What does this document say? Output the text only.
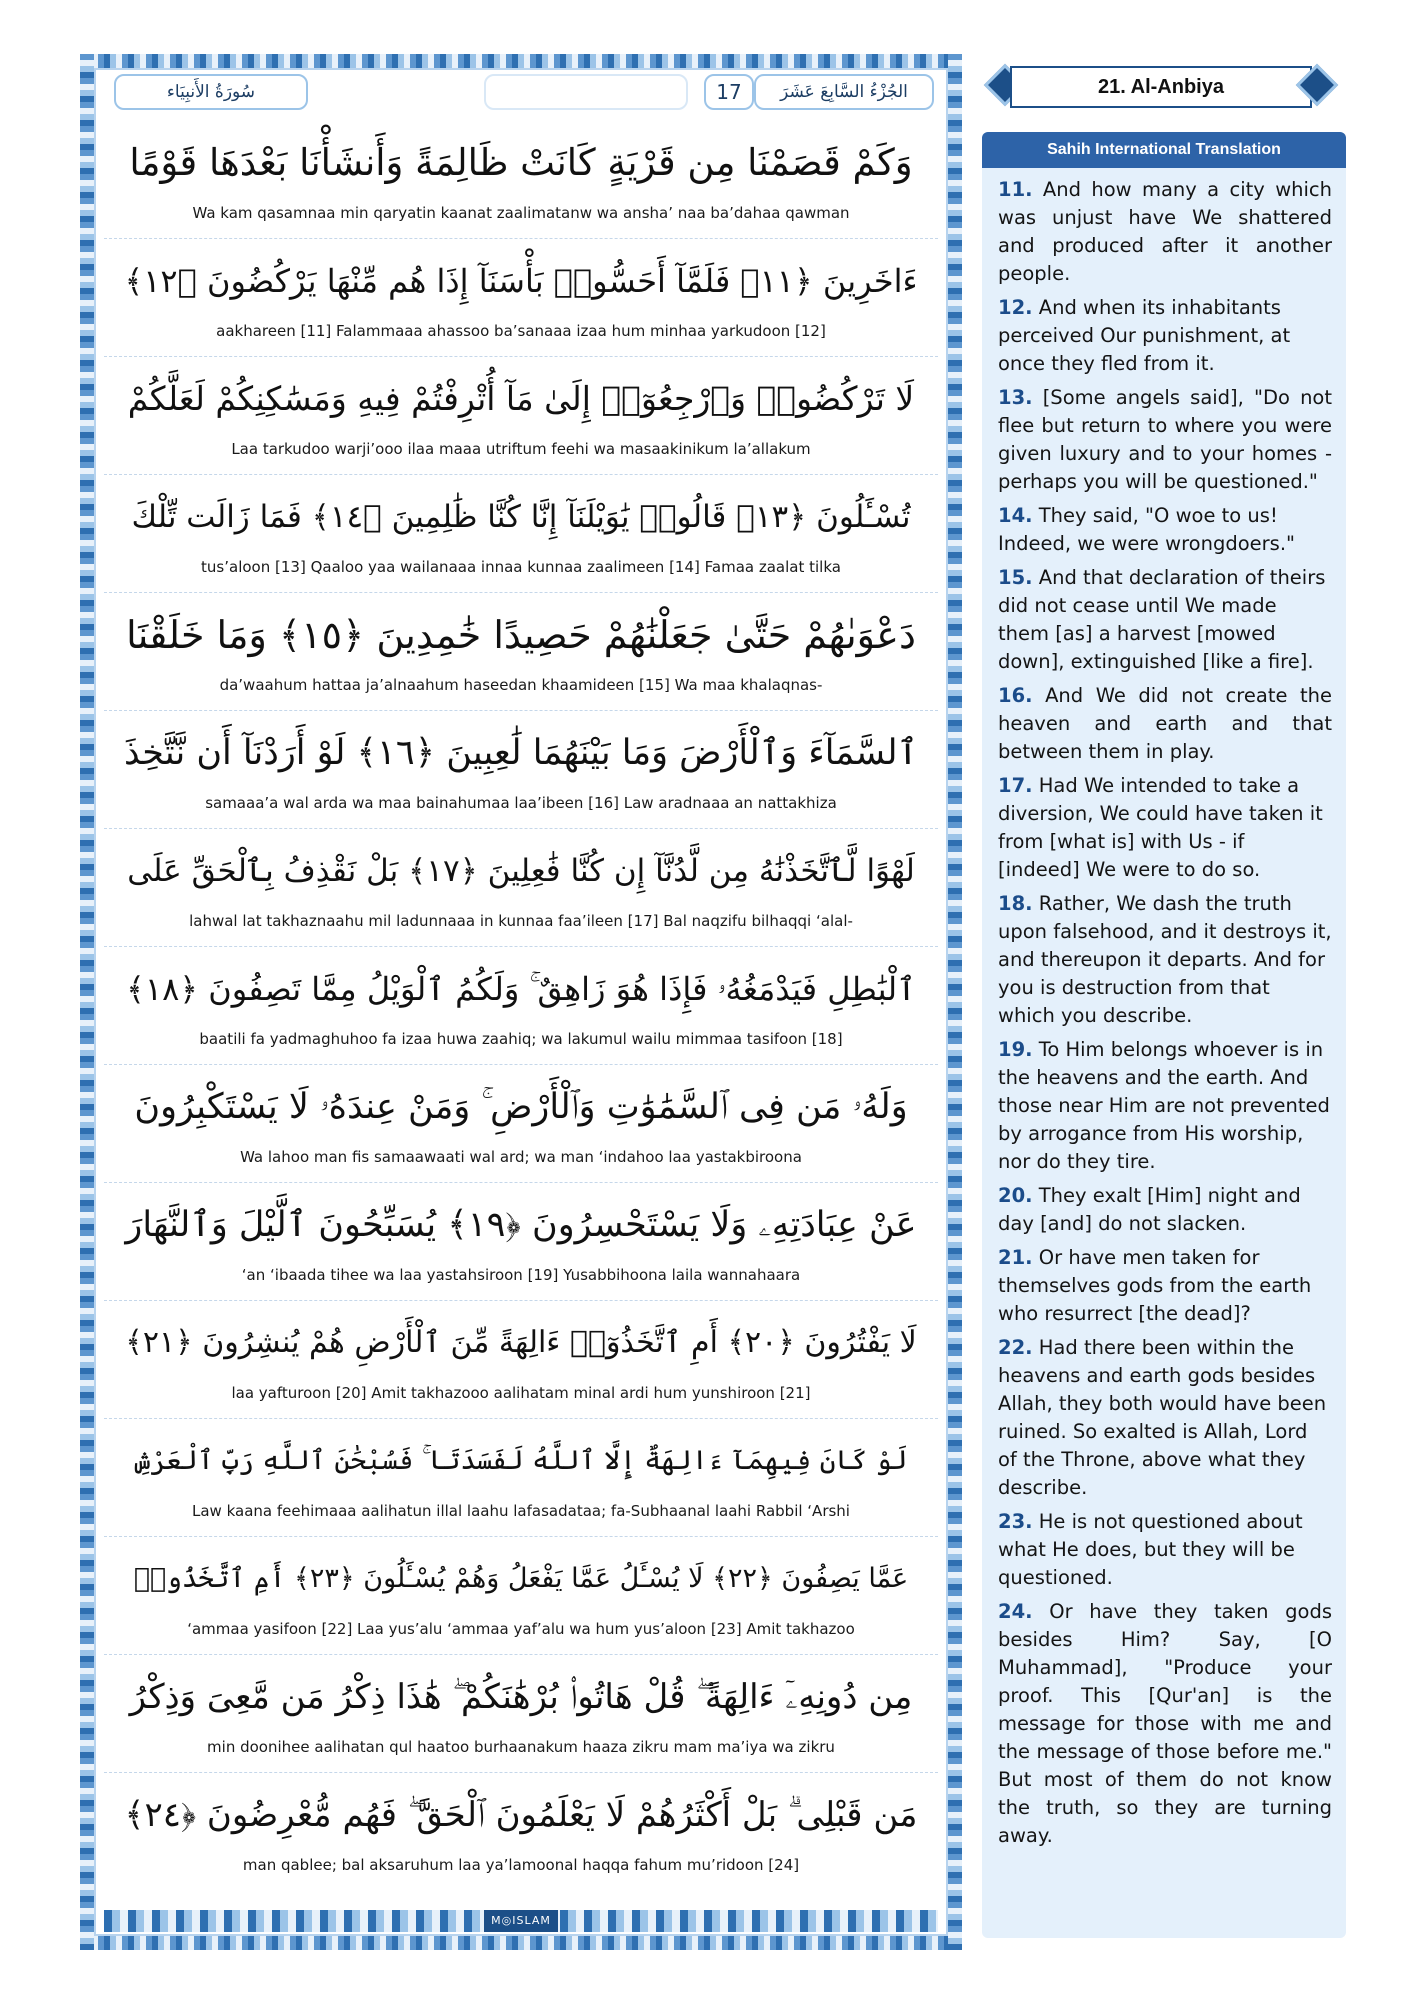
سُورَةُ الأَنبِيَاء	17	الجُزْءُ السَّابِعَ عَشَرَ
وَكَمْ قَصَمْنَا مِن قَرْيَةٍ كَانَتْ ظَالِمَةً وَأَنشَأْنَا بَعْدَهَا قَوْمًا
Wa kam qasamnaa min qaryatin kaanat zaalimatanw wa ansha’ naa ba’dahaa qawman
ءَاخَرِينَ ﴿١١﴾ فَلَمَّآ أَحَسُّوا۟ بَأْسَنَآ إِذَا هُم مِّنْهَا يَرْكُضُونَ ﴿١٢﴾
aakhareen [11] Falammaaa ahassoo ba’sanaaa izaa hum minhaa yarkudoon [12]
لَا تَرْكُضُوا۟ وَٱرْجِعُوٓا۟ إِلَىٰ مَآ أُتْرِفْتُمْ فِيهِ وَمَسَٰكِنِكُمْ لَعَلَّكُمْ
Laa tarkudoo warji’ooo ilaa maaa utriftum feehi wa masaakinikum la’allakum
تُسْـَٔلُونَ ﴿١٣﴾ قَالُوا۟ يَٰوَيْلَنَآ إِنَّا كُنَّا ظَٰلِمِينَ ﴿١٤﴾ فَمَا زَالَت تِّلْكَ
tus’aloon [13] Qaaloo yaa wailanaaa innaa kunnaa zaalimeen [14] Famaa zaalat tilka
دَعْوَىٰهُمْ حَتَّىٰ جَعَلْنَٰهُمْ حَصِيدًا خَٰمِدِينَ ﴿١٥﴾ وَمَا خَلَقْنَا
da’waahum hattaa ja’alnaahum haseedan khaamideen [15] Wa maa khalaqnas-
ٱلسَّمَآءَ وَٱلْأَرْضَ وَمَا بَيْنَهُمَا لَٰعِبِينَ ﴿١٦﴾ لَوْ أَرَدْنَآ أَن نَّتَّخِذَ
samaaa’a wal arda wa maa bainahumaa laa’ibeen [16] Law aradnaaa an nattakhiza
لَهْوًا لَّٱتَّخَذْنَٰهُ مِن لَّدُنَّآ إِن كُنَّا فَٰعِلِينَ ﴿١٧﴾ بَلْ نَقْذِفُ بِٱلْحَقِّ عَلَى
lahwal lat takhaznaahu mil ladunnaaa in kunnaa faa’ileen [17] Bal naqzifu bilhaqqi ‘alal-
ٱلْبَٰطِلِ فَيَدْمَغُهُۥ فَإِذَا هُوَ زَاهِقٌ ۚ وَلَكُمُ ٱلْوَيْلُ مِمَّا تَصِفُونَ ﴿١٨﴾
baatili fa yadmaghuhoo fa izaa huwa zaahiq; wa lakumul wailu mimmaa tasifoon [18]
وَلَهُۥ مَن فِى ٱلسَّمَٰوَٰتِ وَٱلْأَرْضِ ۚ وَمَنْ عِندَهُۥ لَا يَسْتَكْبِرُونَ
Wa lahoo man fis samaawaati wal ard; wa man ‘indahoo laa yastakbiroona
عَنْ عِبَادَتِهِۦ وَلَا يَسْتَحْسِرُونَ ﴿١٩﴾ يُسَبِّحُونَ ٱلَّيْلَ وَٱلنَّهَارَ
‘an ‘ibaada tihee wa laa yastahsiroon [19] Yusabbihoona laila wannahaara
لَا يَفْتُرُونَ ﴿٢٠﴾ أَمِ ٱتَّخَذُوٓا۟ ءَالِهَةً مِّنَ ٱلْأَرْضِ هُمْ يُنشِرُونَ ﴿٢١﴾
laa yafturoon [20] Amit takhazooo aalihatam minal ardi hum yunshiroon [21]
لَوْ كَانَ فِيهِمَآ ءَالِهَةٌ إِلَّا ٱللَّهُ لَفَسَدَتَا ۚ فَسُبْحَٰنَ ٱللَّهِ رَبِّ ٱلْعَرْشِ
Law kaana feehimaaa aalihatun illal laahu lafasadataa; fa-Subhaanal laahi Rabbil ‘Arshi
عَمَّا يَصِفُونَ ﴿٢٢﴾ لَا يُسْـَٔلُ عَمَّا يَفْعَلُ وَهُمْ يُسْـَٔلُونَ ﴿٢٣﴾ أَمِ ٱتَّخَذُوا۟
‘ammaa yasifoon [22] Laa yus’alu ‘ammaa yaf’alu wa hum yus’aloon [23] Amit takhazoo
مِن دُونِهِۦٓ ءَالِهَةً ۖ قُلْ هَاتُوا۟ بُرْهَٰنَكُمْ ۖ هَٰذَا ذِكْرُ مَن مَّعِىَ وَذِكْرُ
min doonihee aalihatan qul haatoo burhaanakum haaza zikru mam ma’iya wa zikru
مَن قَبْلِى ۗ بَلْ أَكْثَرُهُمْ لَا يَعْلَمُونَ ٱلْحَقَّ ۖ فَهُم مُّعْرِضُونَ ﴿٢٤﴾
man qablee; bal aksaruhum laa ya’lamoonal haqqa fahum mu’ridoon [24]
M◎ISLAM
21. Al-Anbiya
Sahih International Translation
11. And how many a city which was unjust have We shattered and produced after it another people.
12. And when its inhabitants perceived Our punishment, at once they fled from it.
13. [Some angels said], "Do not flee but return to where you were given luxury and to your homes - perhaps you will be questioned."
14. They said, "O woe to us! Indeed, we were wrongdoers."
15. And that declaration of theirs did not cease until We made them [as] a harvest [mowed down], extinguished [like a fire].
16. And We did not create the heaven and earth and that between them in play.
17. Had We intended to take a diversion, We could have taken it from [what is] with Us - if [indeed] We were to do so.
18. Rather, We dash the truth upon falsehood, and it destroys it, and thereupon it departs. And for you is destruction from that which you describe.
19. To Him belongs whoever is in the heavens and the earth. And those near Him are not prevented by arrogance from His worship, nor do they tire.
20. They exalt [Him] night and day [and] do not slacken.
21. Or have men taken for themselves gods from the earth who resurrect [the dead]?
22. Had there been within the heavens and earth gods besides Allah, they both would have been ruined. So exalted is Allah, Lord of the Throne, above what they describe.
23. He is not questioned about what He does, but they will be questioned.
24. Or have they taken gods besides Him? Say, [O Muhammad], "Produce your proof. This [Qur'an] is the message for those with me and the message of those before me." But most of them do not know the truth, so they are turning away.
